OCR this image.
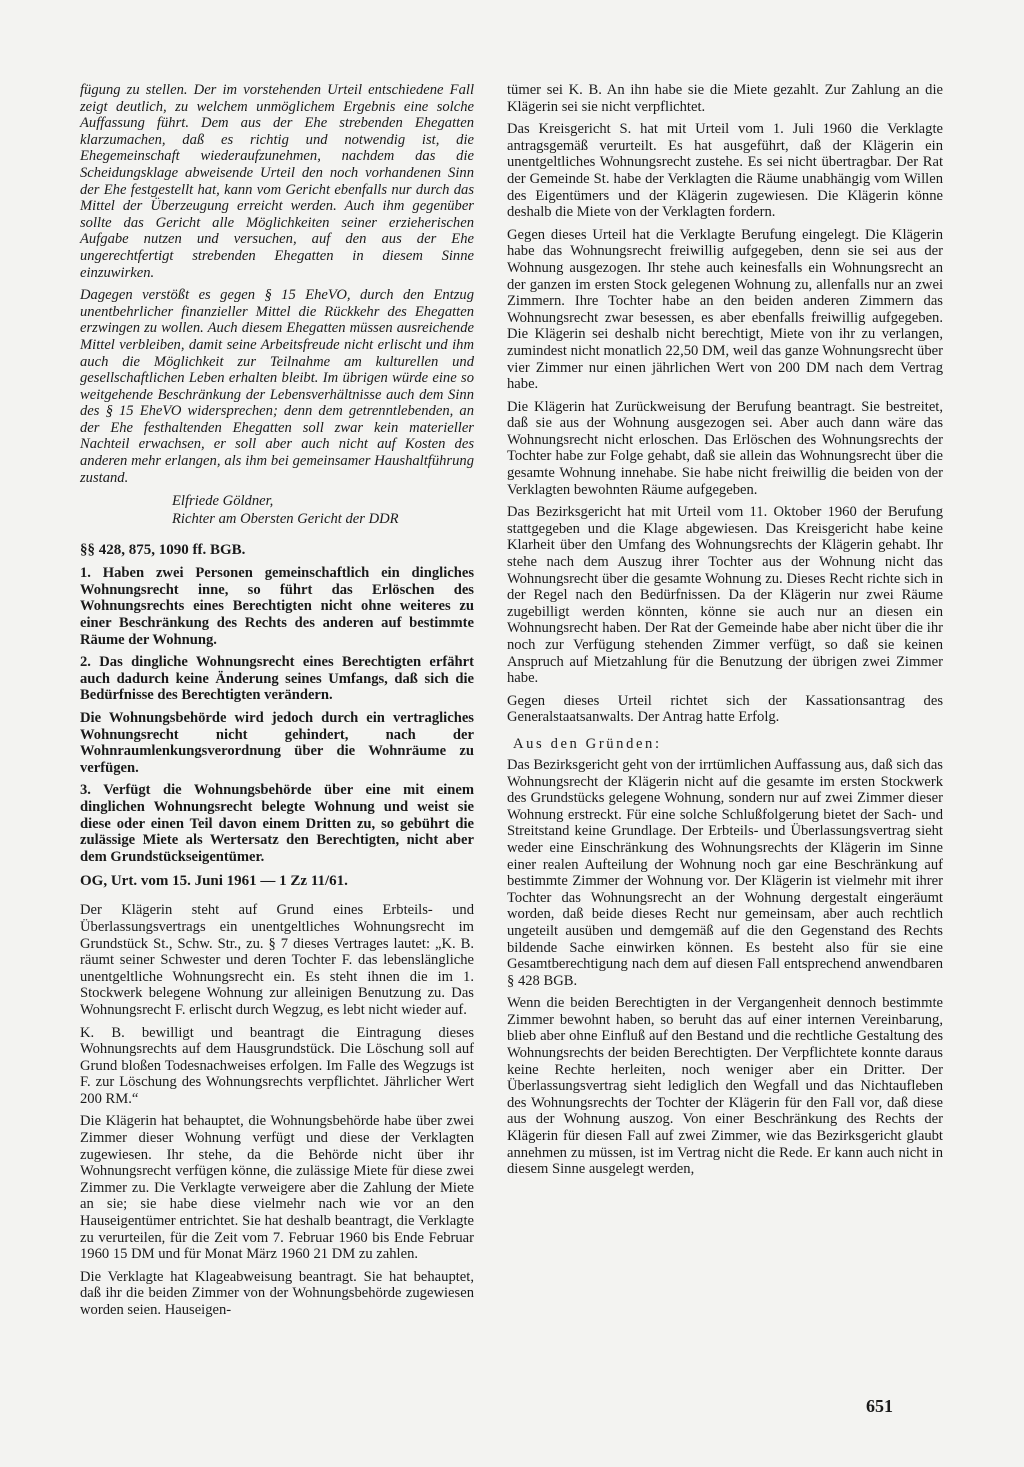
fügung zu stellen. Der im vorstehenden Urteil entschiedene Fall zeigt deutlich, zu welchem unmöglichem Ergebnis eine solche Auffassung führt. Dem aus der Ehe strebenden Ehegatten klarzumachen, daß es richtig und notwendig ist, die Ehegemeinschaft wiederaufzunehmen, nachdem das die Scheidungsklage abweisende Urteil den noch vorhandenen Sinn der Ehe festgestellt hat, kann vom Gericht ebenfalls nur durch das Mittel der Überzeugung erreicht werden. Auch ihm gegenüber sollte das Gericht alle Möglichkeiten seiner erzieherischen Aufgabe nutzen und versuchen, auf den aus der Ehe ungerechtfertigt strebenden Ehegatten in diesem Sinne einzuwirken.

Dagegen verstößt es gegen § 15 EheVO, durch den Entzug unentbehrlicher finanzieller Mittel die Rückkehr des Ehegatten erzwingen zu wollen. Auch diesem Ehegatten müssen ausreichende Mittel verbleiben, damit seine Arbeitsfreude nicht erlischt und ihm auch die Möglichkeit zur Teilnahme am kulturellen und gesellschaftlichen Leben erhalten bleibt. Im übrigen würde eine so weitgehende Beschränkung der Lebensverhältnisse auch dem Sinn des § 15 EheVO widersprechen; denn dem getrenntlebenden, an der Ehe festhaltenden Ehegatten soll zwar kein materieller Nachteil erwachsen, er soll aber auch nicht auf Kosten des anderen mehr erlangen, als ihm bei gemeinsamer Haushaltführung zustand.

Elfriede Göldner,
Richter am Obersten Gericht der DDR
§§ 428, 875, 1090 ff. BGB.

1. Haben zwei Personen gemeinschaftlich ein dingliches Wohnungsrecht inne, so führt das Erlöschen des Wohnungsrechts eines Berechtigten nicht ohne weiteres zu einer Beschränkung des Rechts des anderen auf bestimmte Räume der Wohnung.

2. Das dingliche Wohnungsrecht eines Berechtigten erfährt auch dadurch keine Änderung seines Umfangs, daß sich die Bedürfnisse des Berechtigten verändern.

Die Wohnungsbehörde wird jedoch durch ein vertragliches Wohnungsrecht nicht gehindert, nach der Wohnraumlenkungsverordnung über die Wohnräume zu verfügen.

3. Verfügt die Wohnungsbehörde über eine mit einem dinglichen Wohnungsrecht belegte Wohnung und weist sie diese oder einen Teil davon einem Dritten zu, so gebührt die zulässige Miete als Wertersatz den Berechtigten, nicht aber dem Grundstückseigentümer.

OG, Urt. vom 15. Juni 1961 — 1 Zz 11/61.

Der Klägerin steht auf Grund eines Erbteils- und Überlassungsvertrags ein unentgeltliches Wohnungsrecht im Grundstück St., Schw. Str., zu. § 7 dieses Vertrages lautet: „K. B. räumt seiner Schwester und deren Tochter F. das lebenslängliche unentgeltliche Wohnungsrecht ein. Es steht ihnen die im 1. Stockwerk belegene Wohnung zur alleinigen Benutzung zu. Das Wohnungsrecht F. erlischt durch Wegzug, es lebt nicht wieder auf.

K. B. bewilligt und beantragt die Eintragung dieses Wohnungsrechts auf dem Hausgrundstück. Die Löschung soll auf Grund bloßen Todesnachweises erfolgen. Im Falle des Wegzugs ist F. zur Löschung des Wohnungsrechts verpflichtet. Jährlicher Wert 200 RM.“

Die Klägerin hat behauptet, die Wohnungsbehörde habe über zwei Zimmer dieser Wohnung verfügt und diese der Verklagten zugewiesen. Ihr stehe, da die Behörde nicht über ihr Wohnungsrecht verfügen könne, die zulässige Miete für diese zwei Zimmer zu. Die Verklagte verweigere aber die Zahlung der Miete an sie; sie habe diese vielmehr nach wie vor an den Hauseigentümer entrichtet. Sie hat deshalb beantragt, die Verklagte zu verurteilen, für die Zeit vom 7. Februar 1960 bis Ende Februar 1960 15 DM und für Monat März 1960 21 DM zu zahlen.

Die Verklagte hat Klageabweisung beantragt. Sie hat behauptet, daß ihr die beiden Zimmer von der Wohnungsbehörde zugewiesen worden seien. Hauseigen-

tümer sei K. B. An ihn habe sie die Miete gezahlt. Zur Zahlung an die Klägerin sei sie nicht verpflichtet.

Das Kreisgericht S. hat mit Urteil vom 1. Juli 1960 die Verklagte antragsgemäß verurteilt. Es hat ausgeführt, daß der Klägerin ein unentgeltliches Wohnungsrecht zustehe. Es sei nicht übertragbar. Der Rat der Gemeinde St. habe der Verklagten die Räume unabhängig vom Willen des Eigentümers und der Klägerin zugewiesen. Die Klägerin könne deshalb die Miete von der Verklagten fordern.

Gegen dieses Urteil hat die Verklagte Berufung eingelegt. Die Klägerin habe das Wohnungsrecht freiwillig aufgegeben, denn sie sei aus der Wohnung ausgezogen. Ihr stehe auch keinesfalls ein Wohnungsrecht an der ganzen im ersten Stock gelegenen Wohnung zu, allenfalls nur an zwei Zimmern. Ihre Tochter habe an den beiden anderen Zimmern das Wohnungsrecht zwar besessen, es aber ebenfalls freiwillig aufgegeben. Die Klägerin sei deshalb nicht berechtigt, Miete von ihr zu verlangen, zumindest nicht monatlich 22,50 DM, weil das ganze Wohnungsrecht über vier Zimmer nur einen jährlichen Wert von 200 DM nach dem Vertrag habe.

Die Klägerin hat Zurückweisung der Berufung beantragt. Sie bestreitet, daß sie aus der Wohnung ausgezogen sei. Aber auch dann wäre das Wohnungsrecht nicht erloschen. Das Erlöschen des Wohnungsrechts der Tochter habe zur Folge gehabt, daß sie allein das Wohnungsrecht über die gesamte Wohnung innehabe. Sie habe nicht freiwillig die beiden von der Verklagten bewohnten Räume aufgegeben.

Das Bezirksgericht hat mit Urteil vom 11. Oktober 1960 der Berufung stattgegeben und die Klage abgewiesen. Das Kreisgericht habe keine Klarheit über den Umfang des Wohnungsrechts der Klägerin gehabt. Ihr stehe nach dem Auszug ihrer Tochter aus der Wohnung nicht das Wohnungsrecht über die gesamte Wohnung zu. Dieses Recht richte sich in der Regel nach den Bedürfnissen. Da der Klägerin nur zwei Räume zugebilligt werden könnten, könne sie auch nur an diesen ein Wohnungsrecht haben. Der Rat der Gemeinde habe aber nicht über die ihr noch zur Verfügung stehenden Zimmer verfügt, so daß sie keinen Anspruch auf Mietzahlung für die Benutzung der übrigen zwei Zimmer habe.

Gegen dieses Urteil richtet sich der Kassationsantrag des Generalstaatsanwalts. Der Antrag hatte Erfolg.

Aus den Gründen:

Das Bezirksgericht geht von der irrtümlichen Auffassung aus, daß sich das Wohnungsrecht der Klägerin nicht auf die gesamte im ersten Stockwerk des Grundstücks gelegene Wohnung, sondern nur auf zwei Zimmer dieser Wohnung erstreckt. Für eine solche Schlußfolgerung bietet der Sach- und Streitstand keine Grundlage. Der Erbteils- und Überlassungsvertrag sieht weder eine Einschränkung des Wohnungsrechts der Klägerin im Sinne einer realen Aufteilung der Wohnung noch gar eine Beschränkung auf bestimmte Zimmer der Wohnung vor. Der Klägerin ist vielmehr mit ihrer Tochter das Wohnungsrecht an der Wohnung dergestalt eingeräumt worden, daß beide dieses Recht nur gemeinsam, aber auch rechtlich ungeteilt ausüben und demgemäß auf die den Gegenstand des Rechts bildende Sache einwirken können. Es besteht also für sie eine Gesamtberechtigung nach dem auf diesen Fall entsprechend anwendbaren § 428 BGB.

Wenn die beiden Berechtigten in der Vergangenheit dennoch bestimmte Zimmer bewohnt haben, so beruht das auf einer internen Vereinbarung, blieb aber ohne Einfluß auf den Bestand und die rechtliche Gestaltung des Wohnungsrechts der beiden Berechtigten. Der Verpflichtete konnte daraus keine Rechte herleiten, noch weniger aber ein Dritter. Der Überlassungsvertrag sieht lediglich den Wegfall und das Nichtaufleben des Wohnungsrechts der Tochter der Klägerin für den Fall vor, daß diese aus der Wohnung auszog. Von einer Beschränkung des Rechts der Klägerin für diesen Fall auf zwei Zimmer, wie das Bezirksgericht glaubt annehmen zu müssen, ist im Vertrag nicht die Rede. Er kann auch nicht in diesem Sinne ausgelegt werden,

651
